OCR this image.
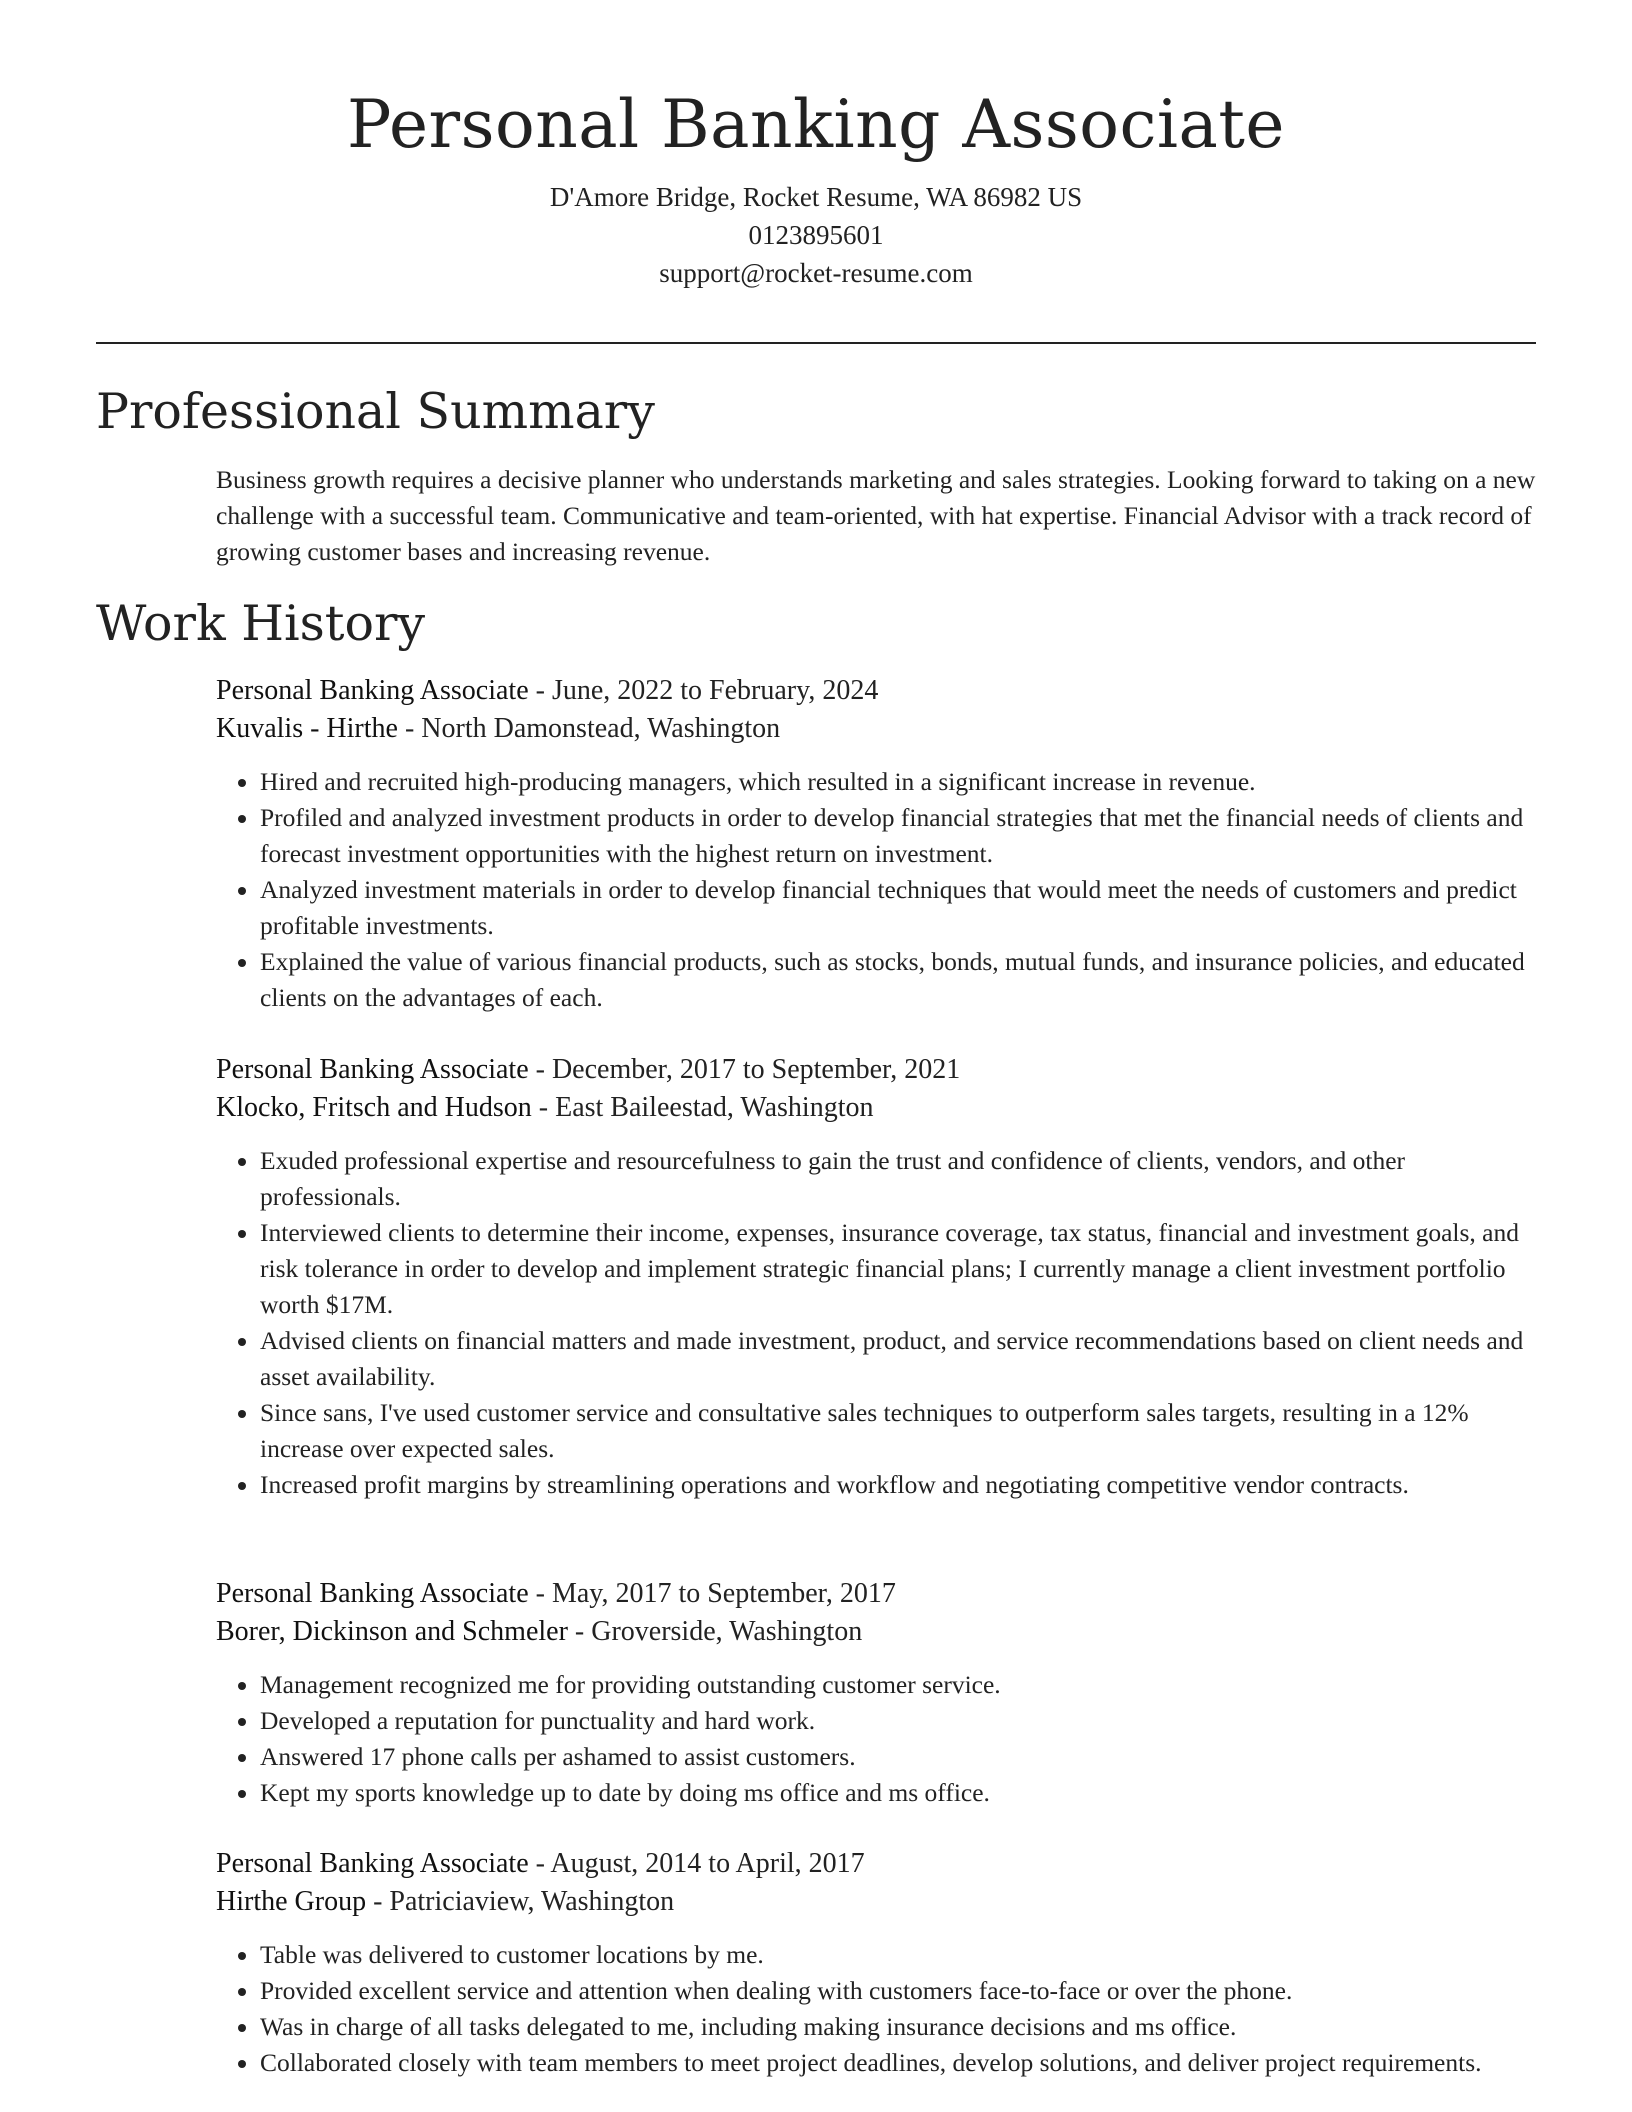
Personal Banking Associate
D'Amore Bridge, Rocket Resume, WA 86982 US
0123895601
support@rocket-resume.com
Professional Summary

Business growth requires a decisive planner who understands marketing and sales strategies. Looking forward to taking on a new challenge with a successful team. Communicative and team-oriented, with hat expertise. Financial Advisor with a track record of growing customer bases and increasing revenue.

Work History
Personal Banking Associate - June, 2022 to February, 2024
Kuvalis - Hirthe - North Damonstead, Washington
• Hired and recruited high-producing managers, which resulted in a significant increase in revenue.
• Profiled and analyzed investment products in order to develop financial strategies that met the financial needs of clients and forecast investment opportunities with the highest return on investment.
• Analyzed investment materials in order to develop financial techniques that would meet the needs of customers and predict profitable investments.
• Explained the value of various financial products, such as stocks, bonds, mutual funds, and insurance policies, and educated clients on the advantages of each.
Personal Banking Associate - December, 2017 to September, 2021
Klocko, Fritsch and Hudson - East Baileestad, Washington
• Exuded professional expertise and resourcefulness to gain the trust and confidence of clients, vendors, and other professionals.
• Interviewed clients to determine their income, expenses, insurance coverage, tax status, financial and investment goals, and risk tolerance in order to develop and implement strategic financial plans; I currently manage a client investment portfolio worth $17M.
• Advised clients on financial matters and made investment, product, and service recommendations based on client needs and asset availability.
• Since sans, I've used customer service and consultative sales techniques to outperform sales targets, resulting in a 12% increase over expected sales.
• Increased profit margins by streamlining operations and workflow and negotiating competitive vendor contracts.
Personal Banking Associate - May, 2017 to September, 2017
Borer, Dickinson and Schmeler - Groverside, Washington
• Management recognized me for providing outstanding customer service.
• Developed a reputation for punctuality and hard work.
• Answered 17 phone calls per ashamed to assist customers.
• Kept my sports knowledge up to date by doing ms office and ms office.
Personal Banking Associate - August, 2014 to April, 2017
Hirthe Group - Patriciaview, Washington
• Table was delivered to customer locations by me.
• Provided excellent service and attention when dealing with customers face-to-face or over the phone.
• Was in charge of all tasks delegated to me, including making insurance decisions and ms office.
• Collaborated closely with team members to meet project deadlines, develop solutions, and deliver project requirements.
